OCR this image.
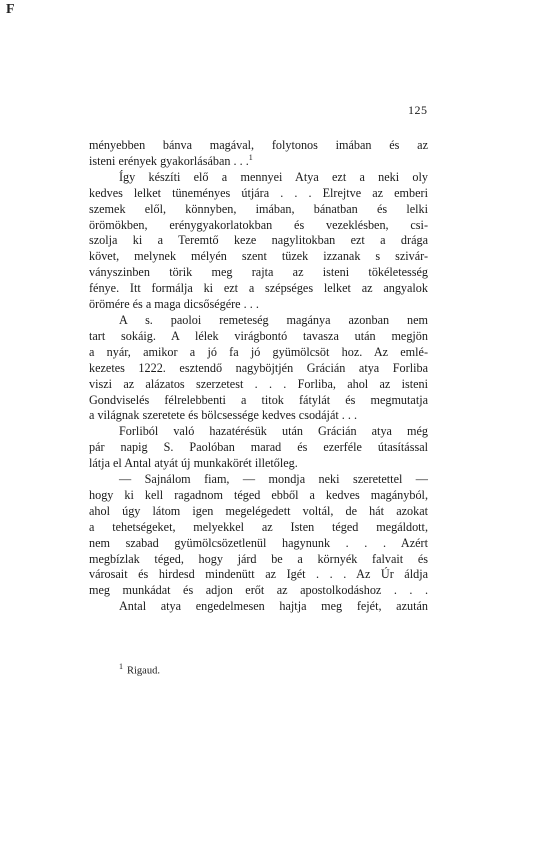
F
125
ményebben bánva magával, folytonos imában és az
isteni erények gyakorlásában . . .$^1$
Így készíti elő a mennyei Atya ezt a neki oly
kedves lelket tüneményes útjára . . . Elrejtve az emberi
szemek elől, könnyben, imában, bánatban és lelki
örömökben, erénygyakorlatokban és vezeklésben, csi-
szolja ki a Teremtő keze nagylitokban ezt a drága
követ, melynek mélyén szent tüzek izzanak s szivár-
ványszinben törik meg rajta az isteni tökéletesség
fénye. Itt formálja ki ezt a szépséges lelket az angyalok
örömére és a maga dicsőségére . . .
A s. paoloi remeteség magánya azonban nem
tart sokáig. A lélek virágbontó tavasza után megjön
a nyár, amikor a jó fa jó gyümölcsöt hoz. Az emlé-
kezetes 1222. esztendő nagyböjtjén Grácián atya Forliba
viszi az alázatos szerzetest . . . Forliba, ahol az isteni
Gondviselés félrelebbenti a titok fátylát és megmutatja
a világnak szeretete és bölcsessége kedves csodáját . . .
Forliból való hazatérésük után Grácián atya még
pár napig S. Paolóban marad és ezerféle útasítással
látja el Antal atyát új munkakörét illetőleg.
— Sajnálom fiam, — mondja neki szeretettel —
hogy ki kell ragadnom téged ebből a kedves magányból,
ahol úgy látom igen megelégedett voltál, de hát azokat
a tehetségeket, melyekkel az Isten téged megáldott,
nem szabad gyümölcsözetlenül hagynunk . . . Azért
megbízlak téged, hogy járd be a környék falvait és
városait és hirdesd mindenütt az Igét . . . Az Úr áldja
meg munkádat és adjon erőt az apostolkodáshoz . . .
Antal atya engedelmesen hajtja meg fejét, azután
$^1$ Rigaud.
